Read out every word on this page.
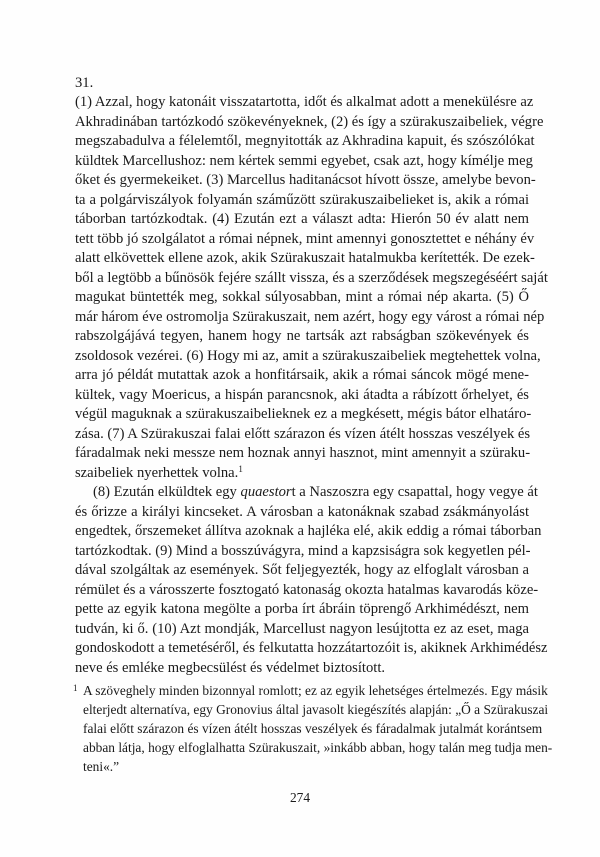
31.

(1) Azzal, hogy katonáit visszatartotta, időt és alkalmat adott a menekülésre az
Akhradinában tartózkodó szökevényeknek, (2) és így a szürakuszaibeliek, végre
megszabadulva a félelemtől, megnyitották az Akhradina kapuit, és szószólókat
küldtek Marcellushoz: nem kértek semmi egyebet, csak azt, hogy kímélje meg
őket és gyermekeiket. (3) Marcellus haditanácsot hívott össze, amelybe bevon-
ta a polgárviszályok folyamán száműzött szürakuszaibelieket is, akik a római
táborban tartózkodtak. (4) Ezután ezt a választ adta: Hierón 50 év alatt nem
tett több jó szolgálatot a római népnek, mint amennyi gonosztettet e néhány év
alatt elkövettek ellene azok, akik Szürakuszait hatalmukba kerítették. De ezek-
ből a legtöbb a bűnösök fejére szállt vissza, és a szerződések megszegéséért saját
magukat büntették meg, sokkal súlyosabban, mint a római nép akarta. (5) Ő
már három éve ostromolja Szürakuszait, nem azért, hogy egy várost a római nép
rabszolgájává tegyen, hanem hogy ne tartsák azt rabságban szökevények és
zsoldosok vezérei. (6) Hogy mi az, amit a szürakuszaibeliek megtehettek volna,
arra jó példát mutattak azok a honfitársaik, akik a római sáncok mögé mene-
kültek, vagy Moericus, a hispán parancsnok, aki átadta a rábízott őrhelyet, és
végül maguknak a szürakuszaibelieknek ez a megkésett, mégis bátor elhatáro-
zása. (7) A Szürakuszai falai előtt szárazon és vízen átélt hosszas veszélyek és
fáradalmak neki messze nem hoznak annyi hasznot, mint amennyit a szüraku-
szaibeliek nyerhettek volna.$^1$

(8) Ezután elküldtek egy quaestort a Naszoszra egy csapattal, hogy vegye át
és őrizze a királyi kincseket. A városban a katonáknak szabad zsákmányolást
engedtek, őrszemeket állítva azoknak a hajléka elé, akik eddig a római táborban
tartózkodtak. (9) Mind a bosszúvágyra, mind a kapzsiságra sok kegyetlen pél-
dával szolgáltak az események. Sőt feljegyezték, hogy az elfoglalt városban a
rémület és a városszerte fosztogató katonaság okozta hatalmas kavarodás köze-
pette az egyik katona megölte a porba írt ábráin töprengő Arkhimédészt, nem
tudván, ki ő. (10) Azt mondják, Marcellust nagyon lesújtotta ez az eset, maga
gondoskodott a temetéséről, és felkutatta hozzátartozóit is, akiknek Arkhimédész
neve és emléke megbecsülést és védelmet biztosított.

1 A szöveghely minden bizonnyal romlott; ez az egyik lehetséges értelmezés. Egy másik
elterjedt alternatíva, egy Gronovius által javasolt kiegészítés alapján: „Ő a Szürakuszai
falai előtt szárazon és vízen átélt hosszas veszélyek és fáradalmak jutalmát korántsem
abban látja, hogy elfoglalhatta Szürakuszait, »inkább abban, hogy talán meg tudja men-
teni«.”
274
